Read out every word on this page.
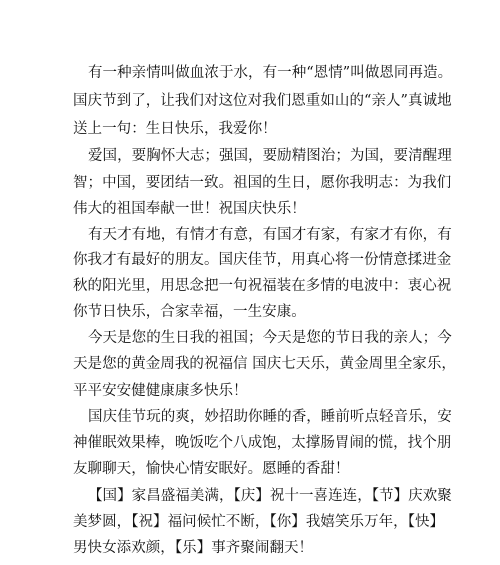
有一种亲情叫做血浓于水，有一种“恩情”叫做恩同再造。
国庆节到了，让我们对这位对我们恩重如山的“亲人”真诚地
送上一句：生日快乐，我爱你！
爱国，要胸怀大志；强国，要励精图治；为国，要清醒理
智；中国，要团结一致。祖国的生日，愿你我明志：为我们
伟大的祖国奉献一世！祝国庆快乐！
有天才有地，有情才有意，有国才有家，有家才有你，有
你我才有最好的朋友。国庆佳节，用真心将一份情意揉进金
秋的阳光里，用思念把一句祝福装在多情的电波中：衷心祝
你节日快乐，合家幸福，一生安康。
今天是您的生日我的祖国；今天是您的节日我的亲人；今
天是您的黄金周我的祝福信 国庆七天乐，黄金周里全家乐，
平平安安健健康康多快乐！
国庆佳节玩的爽，妙招助你睡的香，睡前听点轻音乐，安
神催眠效果棒，晚饭吃个八成饱，太撑肠胃闹的慌，找个朋
友聊聊天，愉快心情安眠好。愿睡的香甜！
【国】家昌盛福美满，【庆】祝十一喜连连，【节】庆欢聚
美梦圆，【祝】福问候忙不断，【你】我嬉笑乐万年，【快】
男快女添欢颜，【乐】事齐聚闹翻天！
